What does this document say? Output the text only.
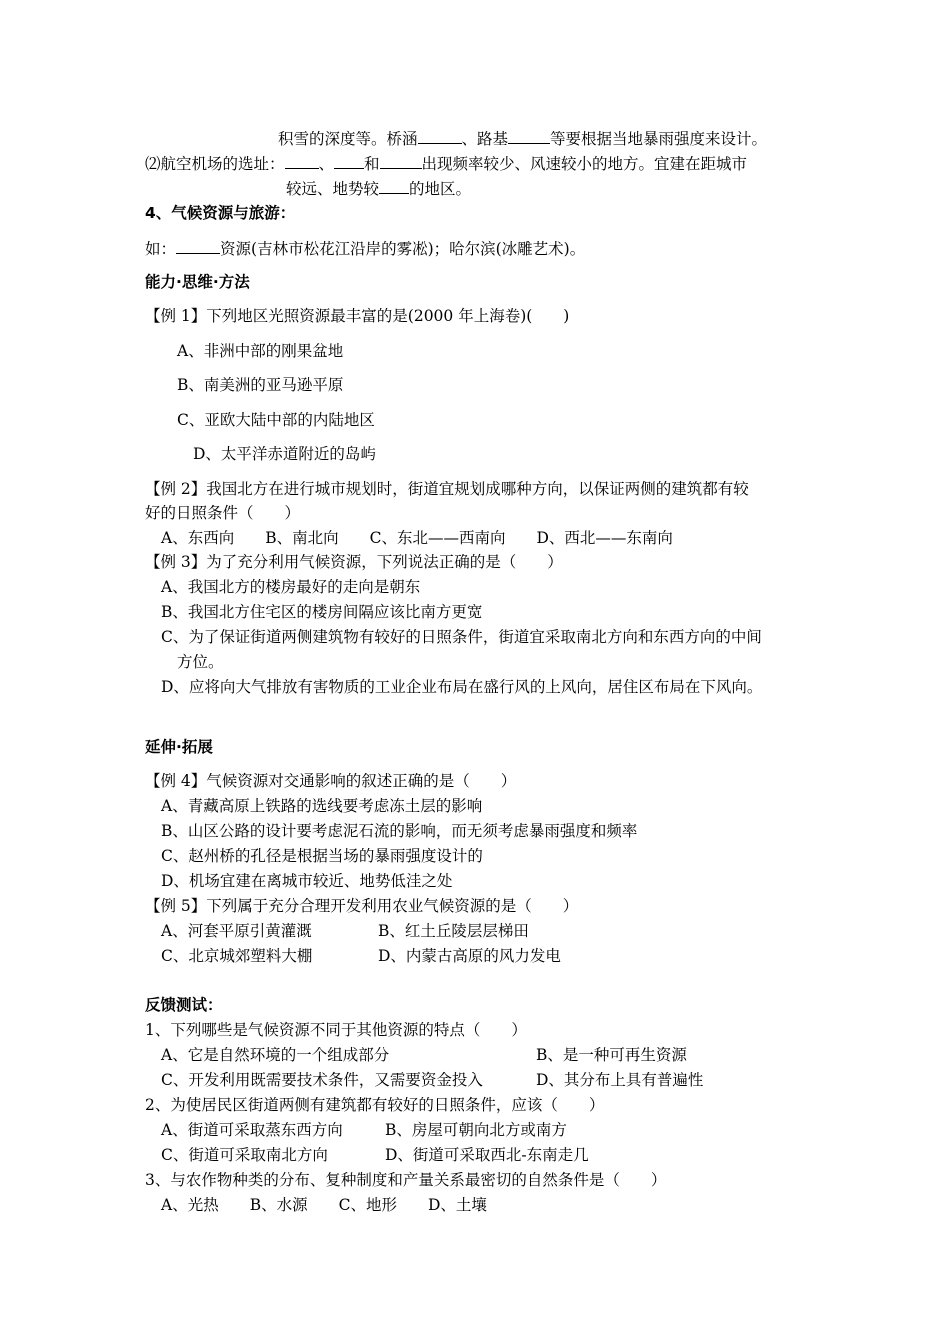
积雪的深度等。桥涵	、路基	等要根据当地暴雨强度来设计。
⑵航空机场的选址： 、 和	出现频率较少、风速较小的地方。宜建在距城市
较远、地势较 的地区。
4、气候资源与旅游：
如：	资源(吉林市松花江沿岸的雾凇)；哈尔滨(冰雕艺术)。
能力·思维·方法
【例 1】下列地区光照资源最丰富的是(2000 年上海卷)(　　)
A、非洲中部的刚果盆地
B、南美洲的亚马逊平原
C、亚欧大陆中部的内陆地区
D、太平洋赤道附近的岛屿
【例 2】我国北方在进行城市规划时，街道宜规划成哪种方向，以保证两侧的建筑都有较
好的日照条件（　　）
A、东西向　　B、南北向　　C、东北——西南向　　D、西北——东南向
【例 3】为了充分利用气候资源，下列说法正确的是（　　）
A、我国北方的楼房最好的走向是朝东
B、我国北方住宅区的楼房间隔应该比南方更宽
C、为了保证街道两侧建筑物有较好的日照条件，街道宜采取南北方向和东西方向的中间
方位。
D、应将向大气排放有害物质的工业企业布局在盛行风的上风向，居住区布局在下风向。
延伸·拓展
【例 4】气候资源对交通影响的叙述正确的是（　　）
A、青藏高原上铁路的选线要考虑冻土层的影响
B、山区公路的设计要考虑泥石流的影响，而无须考虑暴雨强度和频率
C、赵州桥的孔径是根据当场的暴雨强度设计的
D、机场宜建在离城市较近、地势低洼之处
【例 5】下列属于充分合理开发利用农业气候资源的是（　　）
A、河套平原引黄灌溉	B、红土丘陵层层梯田
C、北京城郊塑料大棚	D、内蒙古高原的风力发电
反馈测试：
1、下列哪些是气候资源不同于其他资源的特点（　　）
A、它是自然环境的一个组成部分	B、是一种可再生资源
C、开发利用既需要技术条件，又需要资金投入	D、其分布上具有普遍性
2、为使居民区街道两侧有建筑都有较好的日照条件，应该（　　）
A、街道可采取蒸东西方向	B、房屋可朝向北方或南方
C、街道可采取南北方向	D、街道可采取西北-东南走几
3、与农作物种类的分布、复种制度和产量关系最密切的自然条件是（　　）
A、光热　　B、水源　　C、地形　　D、土壤
